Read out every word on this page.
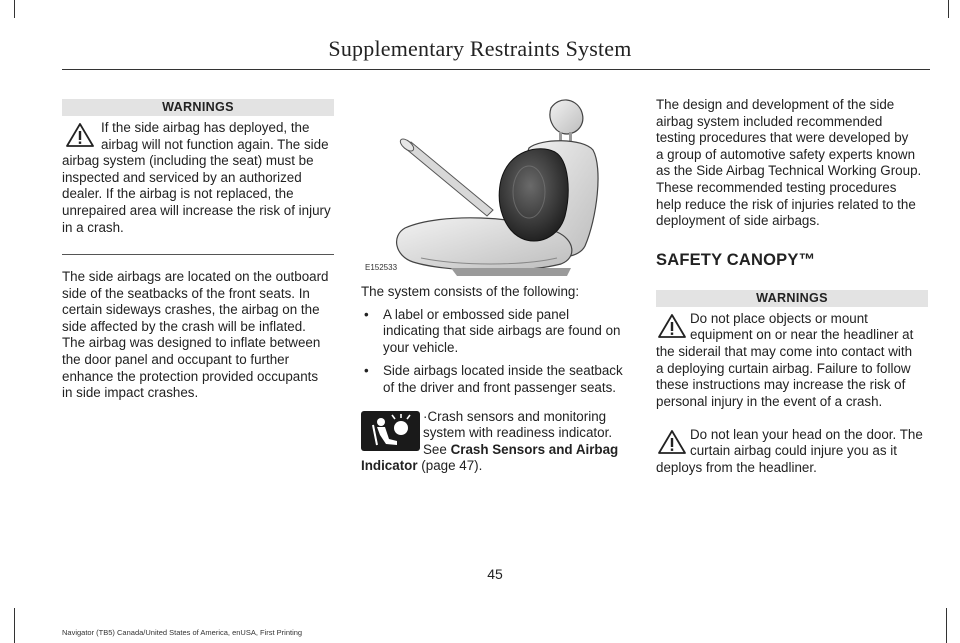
Supplementary Restraints System
WARNINGS
If the side airbag has deployed, the
airbag will not function again. The side
airbag system (including the seat) must be
inspected and serviced by an authorized
dealer. If the airbag is not replaced, the
unrepaired area will increase the risk of injury
in a crash.
The side airbags are located on the outboard
side of the seatbacks of the front seats. In
certain sideways crashes, the airbag on the
side affected by the crash will be inflated.
The airbag was designed to inflate between
the door panel and occupant to further
enhance the protection provided occupants
in side impact crashes.
E152533
The system consists of the following:
• A label or embossed side panel
indicating that side airbags are found on
your vehicle.
• Side airbags located inside the seatback
of the driver and front passenger seats.
·Crash sensors and monitoring
system with readiness indicator.
See Crash Sensors and Airbag
Indicator (page 47).
The design and development of the side
airbag system included recommended
testing procedures that were developed by
a group of automotive safety experts known
as the Side Airbag Technical Working Group.
These recommended testing procedures
help reduce the risk of injuries related to the
deployment of side airbags.
SAFETY CANOPY™
WARNINGS
Do not place objects or mount
equipment on or near the headliner at
the siderail that may come into contact with
a deploying curtain airbag. Failure to follow
these instructions may increase the risk of
personal injury in the event of a crash.
Do not lean your head on the door. The
curtain airbag could injure you as it
deploys from the headliner.
45
Navigator (TB5) Canada/United States of America, enUSA, First Printing
